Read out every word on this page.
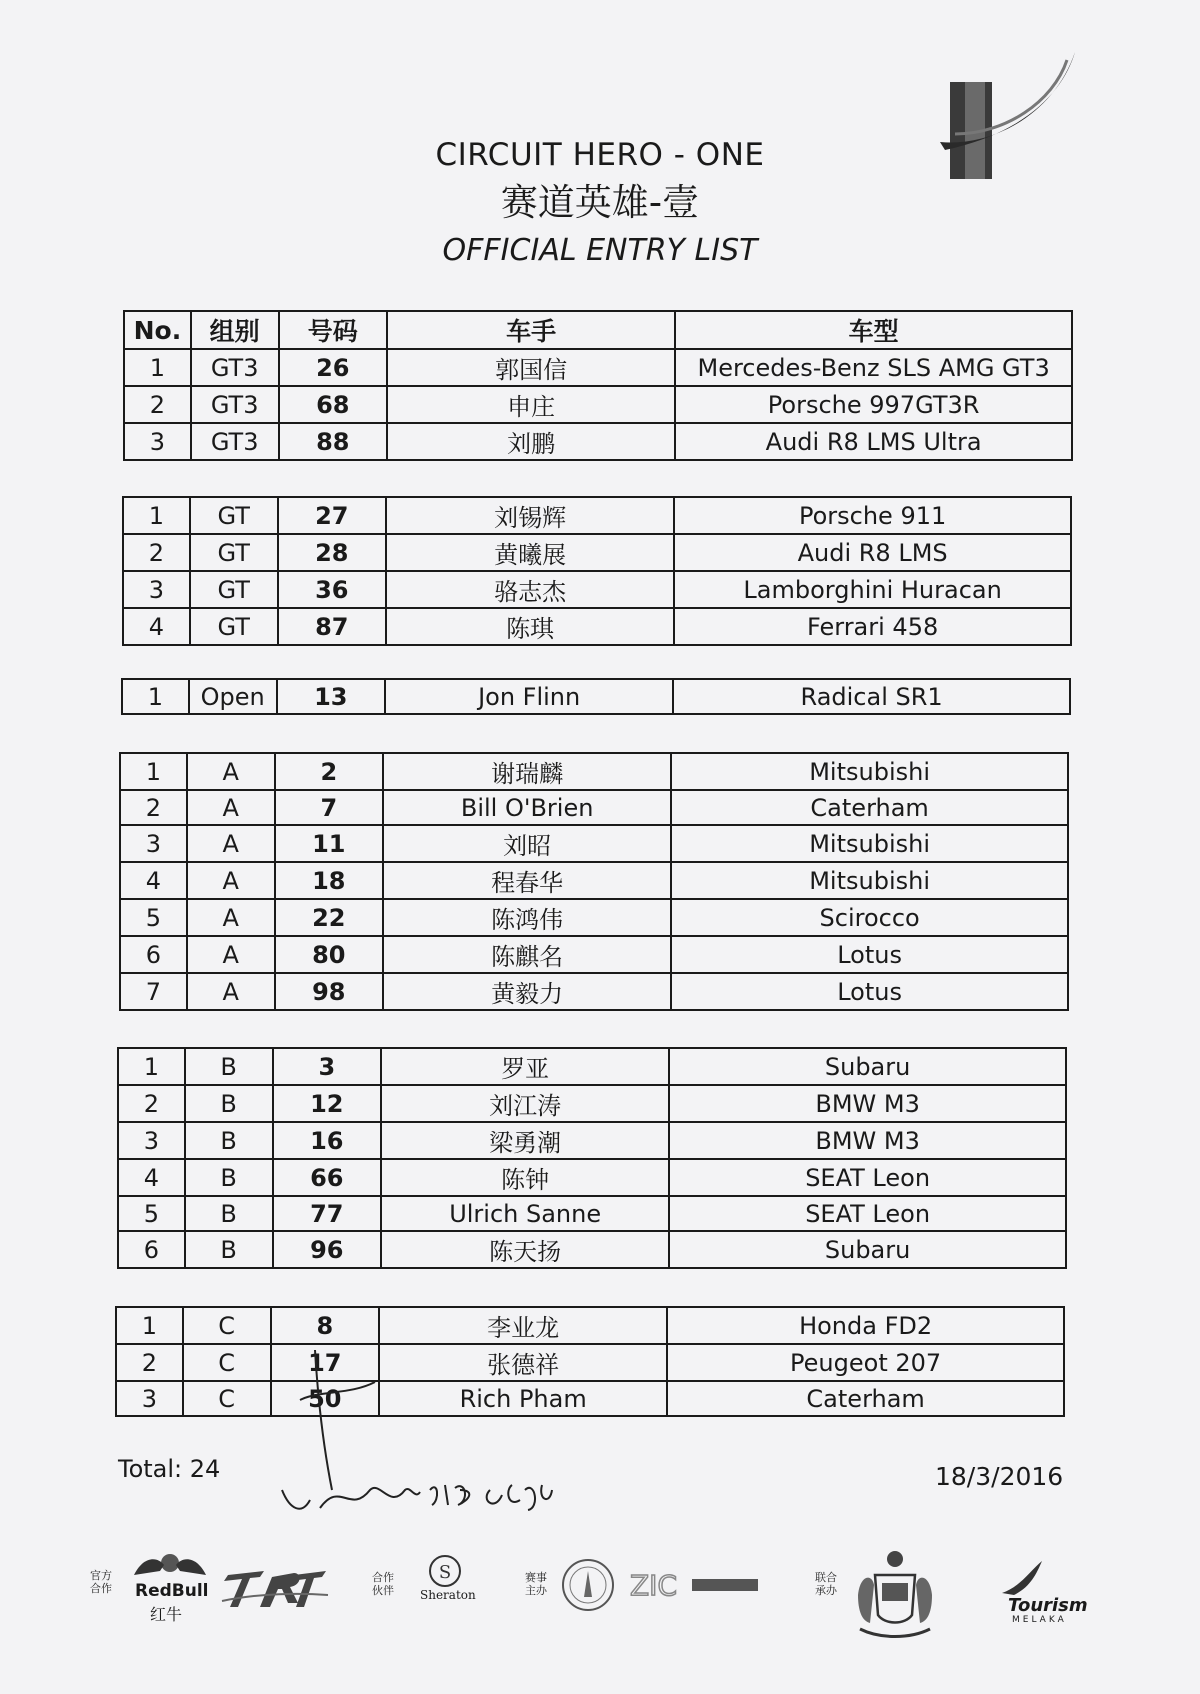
CIRCUIT HERO - ONE
赛道英雄-壹
OFFICIAL ENTRY LIST
No.	组别	号码	车手	车型
1	GT3	26	郭国信	Mercedes-Benz SLS AMG GT3
2	GT3	68	申庄	Porsche 997GT3R
3	GT3	88	刘鹏	Audi R8 LMS Ultra
1	GT	27	刘锡辉	Porsche 911
2	GT	28	黄曦展	Audi R8 LMS
3	GT	36	骆志杰	Lamborghini Huracan
4	GT	87	陈琪	Ferrari 458
1	Open	13	Jon Flinn	Radical SR1
1	A	2	谢瑞麟	Mitsubishi
2	A	7	Bill O'Brien	Caterham
3	A	11	刘昭	Mitsubishi
4	A	18	程春华	Mitsubishi
5	A	22	陈鸿伟	Scirocco
6	A	80	陈麒名	Lotus
7	A	98	黄毅力	Lotus
1	B	3	罗亚	Subaru
2	B	12	刘江涛	BMW M3
3	B	16	梁勇潮	BMW M3
4	B	66	陈钟	SEAT Leon
5	B	77	Ulrich Sanne	SEAT Leon
6	B	96	陈天扬	Subaru
1	C	8	李业龙	Honda FD2
2	C	17	张德祥	Peugeot 207
3	C	50	Rich Pham	Caterham
Total: 24	18/3/2016
官方合作 RedBull
红牛
合作伙伴
S
Sheraton
赛事主办	ZIC	联合承办
Tourism
MELAKA
